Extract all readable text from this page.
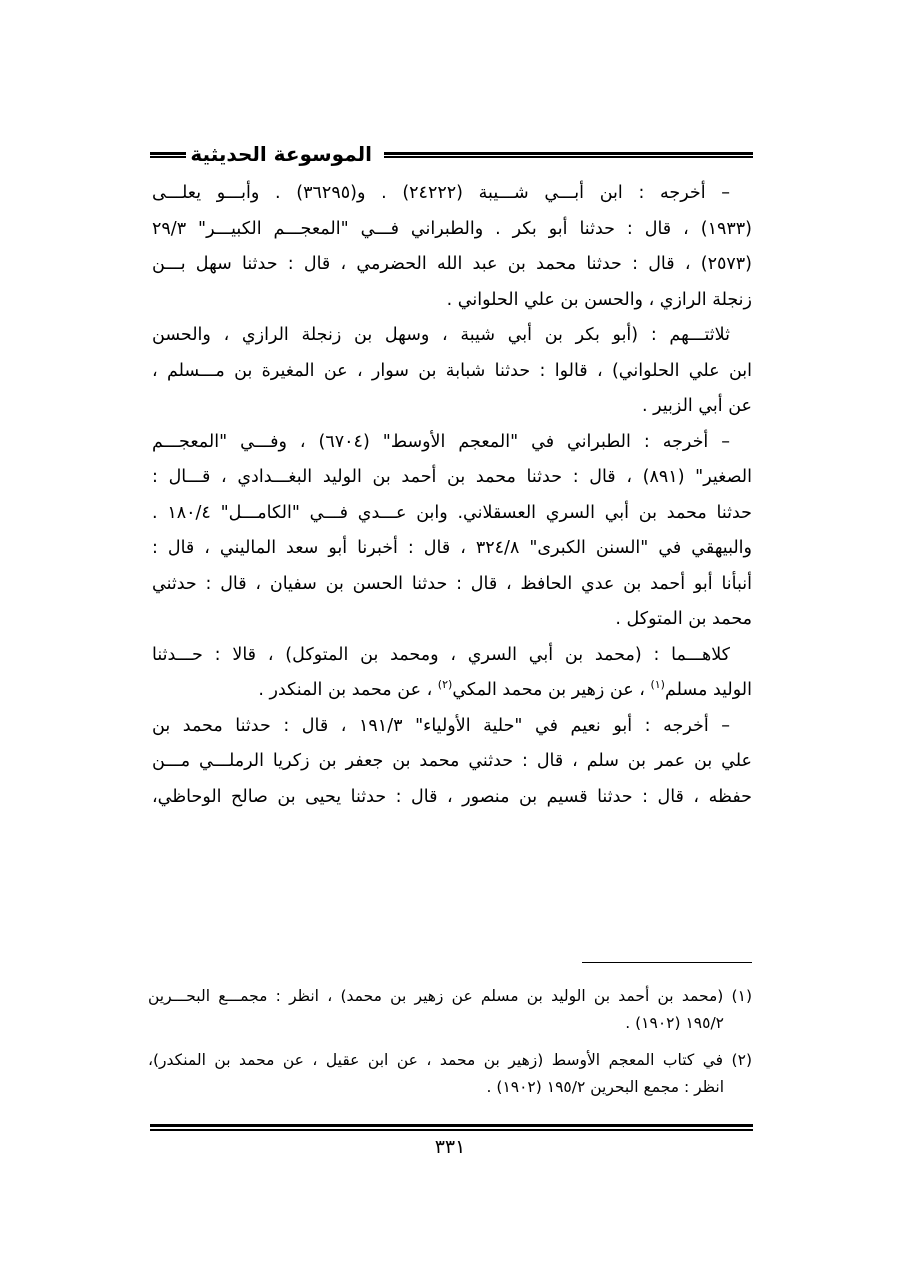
الموسوعة الحديثية
– أخرجه : ابن أبـــي شـــيبة (٢٤٢٢٢) . و(٣٦٢٩٥) . وأبـــو يعلـــى
(١٩٣٣) ، قال : حدثنا أبو بكر . والطبراني فـــي "المعجـــم الكبيـــر" ٢٩/٣
(٢٥٧٣) ، قال : حدثنا محمد بن عبد الله الحضرمي ، قال : حدثنا سهل بـــن
زنجلة الرازي ، والحسن بن علي الحلواني .
ثلاثتـــهم : (أبو بكر بن أبي شيبة ، وسهل بن زنجلة الرازي ، والحسن
ابن علي الحلواني) ، قالوا : حدثنا شبابة بن سوار ، عن المغيرة بن مـــسلم ،
عن أبي الزبير .
– أخرجه : الطبراني في "المعجم الأوسط" (٦٧٠٤) ، وفـــي "المعجـــم
الصغير" (٨٩١) ، قال : حدثنا محمد بن أحمد بن الوليد البغـــدادي ، قـــال :
حدثنا محمد بن أبي السري العسقلاني. وابن عـــدي فـــي "الكامـــل" ١٨٠/٤ .
والبيهقي في "السنن الكبرى" ٣٢٤/٨ ، قال : أخبرنا أبو سعد الماليني ، قال :
أنبأنا أبو أحمد بن عدي الحافظ ، قال : حدثنا الحسن بن سفيان ، قال : حدثني
محمد بن المتوكل .
كلاهـــما : (محمد بن أبي السري ، ومحمد بن المتوكل) ، قالا : حـــدثنا
الوليد مسلم$^{(١)}$ ، عن زهير بن محمد المكي$^{(٢)}$ ، عن محمد بن المنكدر .
– أخرجه : أبو نعيم في "حلية الأولياء" ١٩١/٣ ، قال : حدثنا محمد بن
علي بن عمر بن سلم ، قال : حدثني محمد بن جعفر بن زكريا الرملـــي مـــن
حفظه ، قال : حدثنا قسيم بن منصور ، قال : حدثنا يحيى بن صالح الوحاظي،
(١) (محمد بن أحمد بن الوليد بن مسلم عن زهير بن محمد) ، انظر : مجمـــع البحـــرين
١٩٥/٢ (١٩٠٢) .
(٢) في كتاب المعجم الأوسط (زهير بن محمد ، عن ابن عقيل ، عن محمد بن المنكدر)،
انظر : مجمع البحرين ١٩٥/٢ (١٩٠٢) .
٣٣١
